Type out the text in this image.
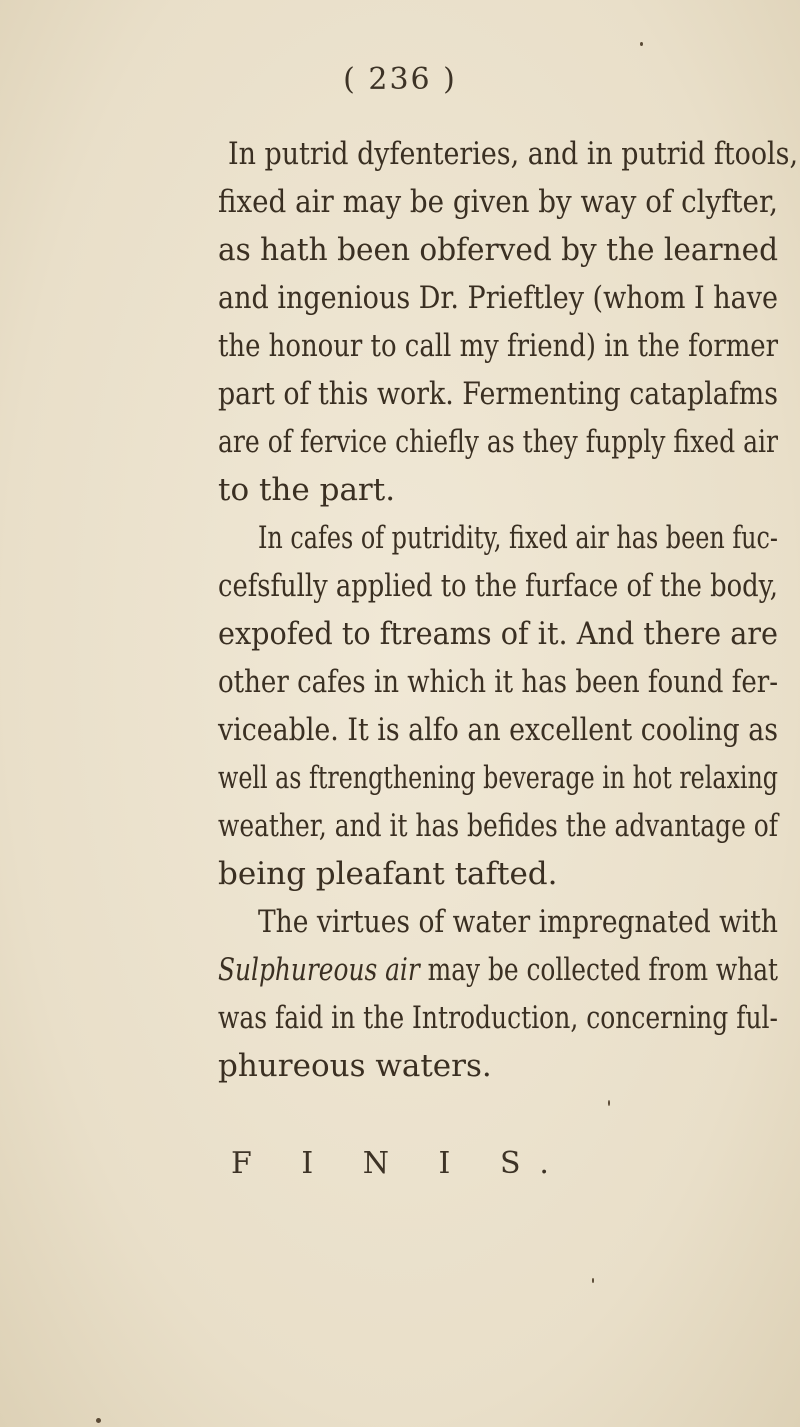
( 236 )
In putrid dyfenteries, and in putrid ftools,
fixed air may be given by way of clyfter,
as hath been obferved by the learned
and ingenious Dr. Prieftley (whom I have
the honour to call my friend) in the former
part of this work. Fermenting cataplafms
are of fervice chiefly as they fupply fixed air
to the part.
In cafes of putridity, fixed air has been fuc-
cefsfully applied to the furface of the body,
expofed to ftreams of it. And there are
other cafes in which it has been found fer-
viceable. It is alfo an excellent cooling as
well as ftrengthening beverage in hot relaxing
weather, and it has befides the advantage of
being pleafant tafted.
The virtues of water impregnated with
Sulphureous air may be collected from what
was faid in the Introduction, concerning ful-
phureous waters.
F I N I S.
